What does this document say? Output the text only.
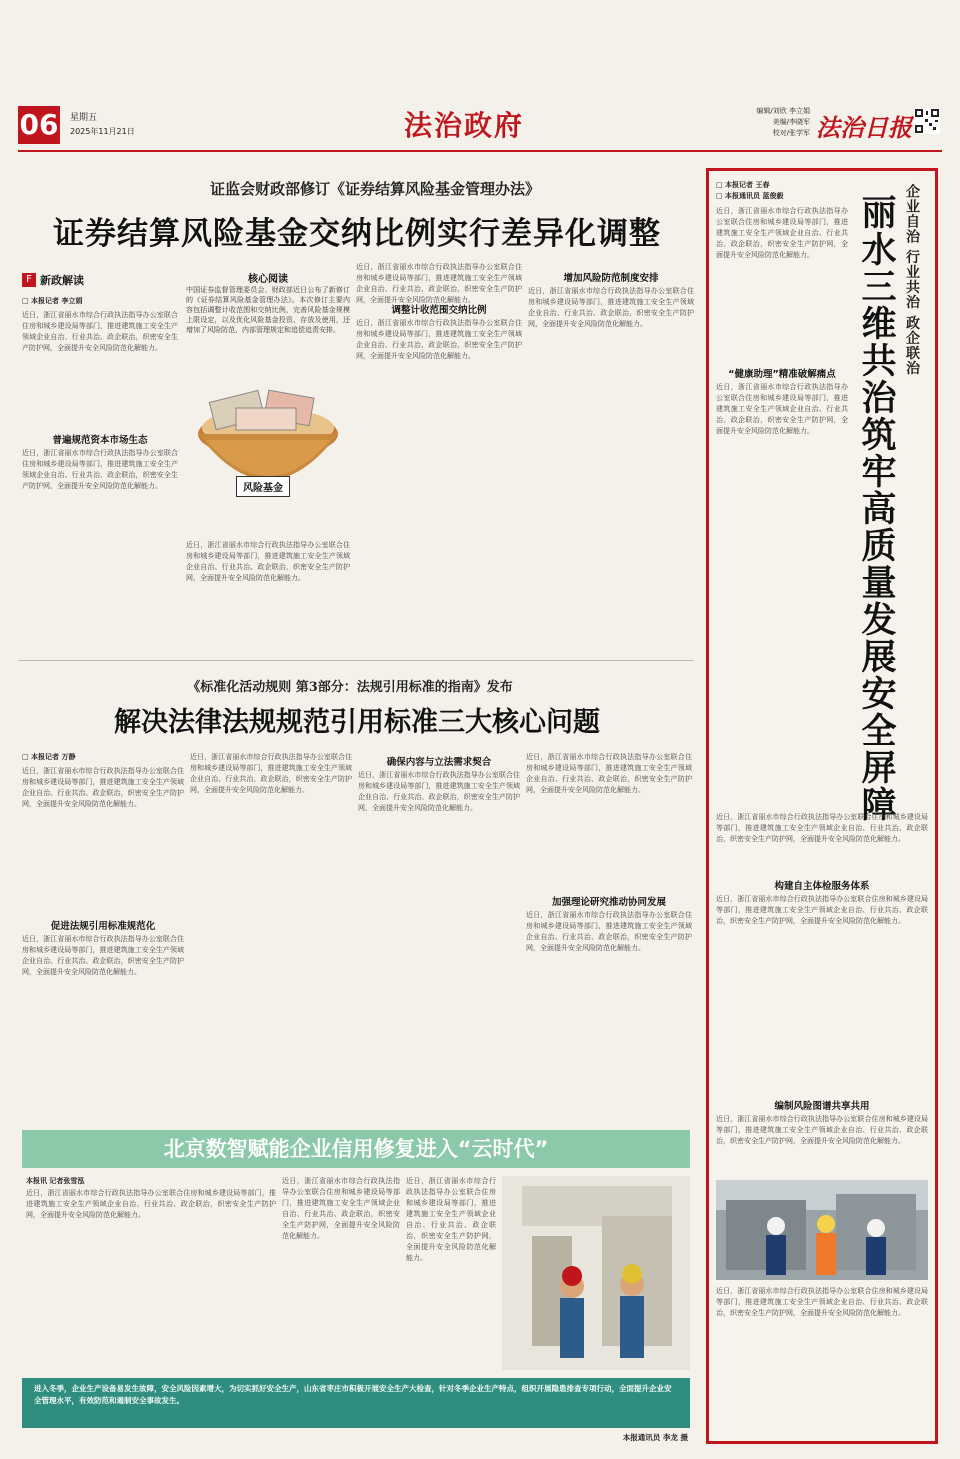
06 星期五
2025年11月21日	法治政府	编辑/刘欣 李立娟
美编/李晓军
校对/张学军 法治日报
证监会财政部修订《证券结算风险基金管理办法》
证券结算风险基金交纳比例实行差异化调整
F 新政解读
□ 本报记者 李立娟
近日，浙江省丽水市综合行政执法指导办公室联合住房和城乡建设局等部门，推进建筑施工安全生产领域企业自治、行业共治、政企联治，织密安全生产防护网，全面提升安全风险防范化解能力。
普遍规范资本市场生态
近日，浙江省丽水市综合行政执法指导办公室联合住房和城乡建设局等部门，推进建筑施工安全生产领域企业自治、行业共治、政企联治，织密安全生产防护网，全面提升安全风险防范化解能力。
核心阅读
中国证券监督管理委员会、财政部近日公布了新修订的《证券结算风险基金管理办法》。本次修订主要内容包括调整计收范围和交纳比例，完善风险基金规模上限设定，以及优化风险基金投资、存放及使用，还增加了风险防范、内部管理规定和追偿追责安排。
风险基金
近日，浙江省丽水市综合行政执法指导办公室联合住房和城乡建设局等部门，推进建筑施工安全生产领域企业自治、行业共治、政企联治，织密安全生产防护网，全面提升安全风险防范化解能力。
近日，浙江省丽水市综合行政执法指导办公室联合住房和城乡建设局等部门，推进建筑施工安全生产领域企业自治、行业共治、政企联治，织密安全生产防护网，全面提升安全风险防范化解能力。
调整计收范围交纳比例
近日，浙江省丽水市综合行政执法指导办公室联合住房和城乡建设局等部门，推进建筑施工安全生产领域企业自治、行业共治、政企联治，织密安全生产防护网，全面提升安全风险防范化解能力。
增加风险防范制度安排
近日，浙江省丽水市综合行政执法指导办公室联合住房和城乡建设局等部门，推进建筑施工安全生产领域企业自治、行业共治、政企联治，织密安全生产防护网，全面提升安全风险防范化解能力。
《标准化活动规则 第3部分：法规引用标准的指南》发布
解决法律法规规范引用标准三大核心问题
□ 本报记者 万静
近日，浙江省丽水市综合行政执法指导办公室联合住房和城乡建设局等部门，推进建筑施工安全生产领域企业自治、行业共治、政企联治，织密安全生产防护网，全面提升安全风险防范化解能力。
促进法规引用标准规范化
近日，浙江省丽水市综合行政执法指导办公室联合住房和城乡建设局等部门，推进建筑施工安全生产领域企业自治、行业共治、政企联治，织密安全生产防护网，全面提升安全风险防范化解能力。
近日，浙江省丽水市综合行政执法指导办公室联合住房和城乡建设局等部门，推进建筑施工安全生产领域企业自治、行业共治、政企联治，织密安全生产防护网，全面提升安全风险防范化解能力。
确保内容与立法需求契合
近日，浙江省丽水市综合行政执法指导办公室联合住房和城乡建设局等部门，推进建筑施工安全生产领域企业自治、行业共治、政企联治，织密安全生产防护网，全面提升安全风险防范化解能力。
近日，浙江省丽水市综合行政执法指导办公室联合住房和城乡建设局等部门，推进建筑施工安全生产领域企业自治、行业共治、政企联治，织密安全生产防护网，全面提升安全风险防范化解能力。
加强理论研究推动协同发展
近日，浙江省丽水市综合行政执法指导办公室联合住房和城乡建设局等部门，推进建筑施工安全生产领域企业自治、行业共治、政企联治，织密安全生产防护网，全面提升安全风险防范化解能力。
北京数智赋能企业信用修复进入“云时代”
本报讯 记者张雪泓
近日，浙江省丽水市综合行政执法指导办公室联合住房和城乡建设局等部门，推进建筑施工安全生产领域企业自治、行业共治、政企联治，织密安全生产防护网，全面提升安全风险防范化解能力。
近日，浙江省丽水市综合行政执法指导办公室联合住房和城乡建设局等部门，推进建筑施工安全生产领域企业自治、行业共治、政企联治，织密安全生产防护网，全面提升安全风险防范化解能力。
近日，浙江省丽水市综合行政执法指导办公室联合住房和城乡建设局等部门，推进建筑施工安全生产领域企业自治、行业共治、政企联治，织密安全生产防护网，全面提升安全风险防范化解能力。
进入冬季，企业生产设备易发生故障，安全风险因素增大，为切实抓好安全生产，山东省枣庄市积极开展安全生产大检查，针对冬季企业生产特点，组织开展隐患排查专项行动，全面提升企业安全管理水平，有效防范和遏制安全事故发生。
本报通讯员 李龙 摄
□ 本报记者 王春
□ 本报通讯员 蓝俊毅	企业自治 行业共治 政企联治
丽水三维共治筑牢高质量发展安全屏障
近日，浙江省丽水市综合行政执法指导办公室联合住房和城乡建设局等部门，推进建筑施工安全生产领域企业自治、行业共治、政企联治，织密安全生产防护网，全面提升安全风险防范化解能力。
“健康助理”精准破解痛点
近日，浙江省丽水市综合行政执法指导办公室联合住房和城乡建设局等部门，推进建筑施工安全生产领域企业自治、行业共治、政企联治，织密安全生产防护网，全面提升安全风险防范化解能力。
近日，浙江省丽水市综合行政执法指导办公室联合住房和城乡建设局等部门，推进建筑施工安全生产领域企业自治、行业共治、政企联治，织密安全生产防护网，全面提升安全风险防范化解能力。
构建自主体检服务体系
近日，浙江省丽水市综合行政执法指导办公室联合住房和城乡建设局等部门，推进建筑施工安全生产领域企业自治、行业共治、政企联治，织密安全生产防护网，全面提升安全风险防范化解能力。
编制风险图谱共享共用
近日，浙江省丽水市综合行政执法指导办公室联合住房和城乡建设局等部门，推进建筑施工安全生产领域企业自治、行业共治、政企联治，织密安全生产防护网，全面提升安全风险防范化解能力。
近日，浙江省丽水市综合行政执法指导办公室联合住房和城乡建设局等部门，推进建筑施工安全生产领域企业自治、行业共治、政企联治，织密安全生产防护网，全面提升安全风险防范化解能力。
